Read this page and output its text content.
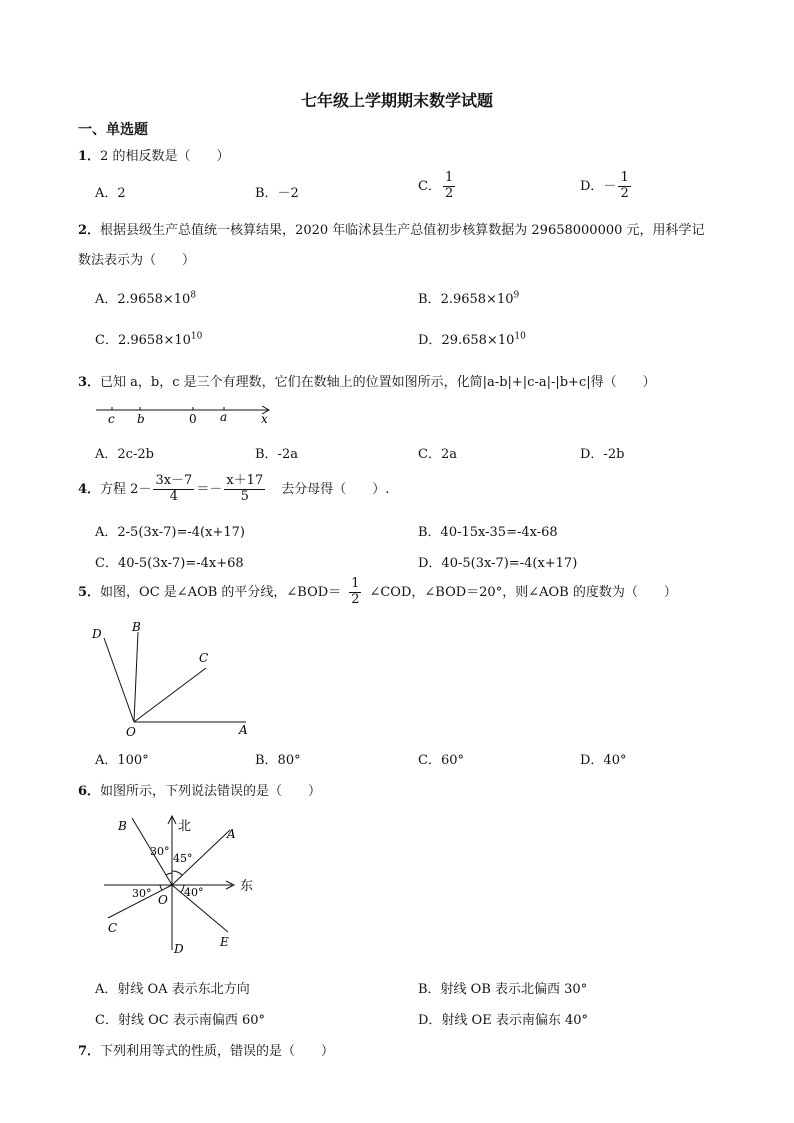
七年级上学期期末数学试题
一、单选题
1．2 的相反数是（　　）
A．2	B．－2	C． $\frac{1}{2}$	D．－ $\frac{1}{2}$
2．根据县级生产总值统一核算结果，2020 年临沭县生产总值初步核算数据为 29658000000 元，用科学记
数法表示为（　　）
A．$2.9658\times 10^8$	B．$2.9658\times 10^9$
C．$2.9658\times 10^{10}$	D．$29.658\times 10^{10}$
3．已知 a，b，c 是三个有理数，它们在数轴上的位置如图所示，化简|a-b|+|c-a|-|b+c|得（　　）
c b	0 a	x
A．2c-2b	B．-2a	C．2a	D．-2b
4．方程 $2- \frac{3x-7}{4} =- \frac{x+17}{5}$ 去分母得（　　）.
A．2-5(3x-7)=-4(x+17)	B．40-15x-35=-4x-68
C．40-5(3x-7)=-4x+68	D．40-5(3x-7)=-4(x+17)
5．如图，OC 是∠AOB 的平分线，∠BOD＝ $\frac{1}{2}$ ∠COD，∠BOD＝20°，则∠AOB 的度数为（　　）
D	B
C
O	A
A．100°	B．80°	C．60°	D．40°
6．如图所示，下列说法错误的是（　　）
B	北	A
30°
45°
东
30°	40°
O
C
D	E
A．射线 OA 表示东北方向	B．射线 OB 表示北偏西 30°
C．射线 OC 表示南偏西 60°	D．射线 OE 表示南偏东 40°
7．下列利用等式的性质，错误的是（　　）
